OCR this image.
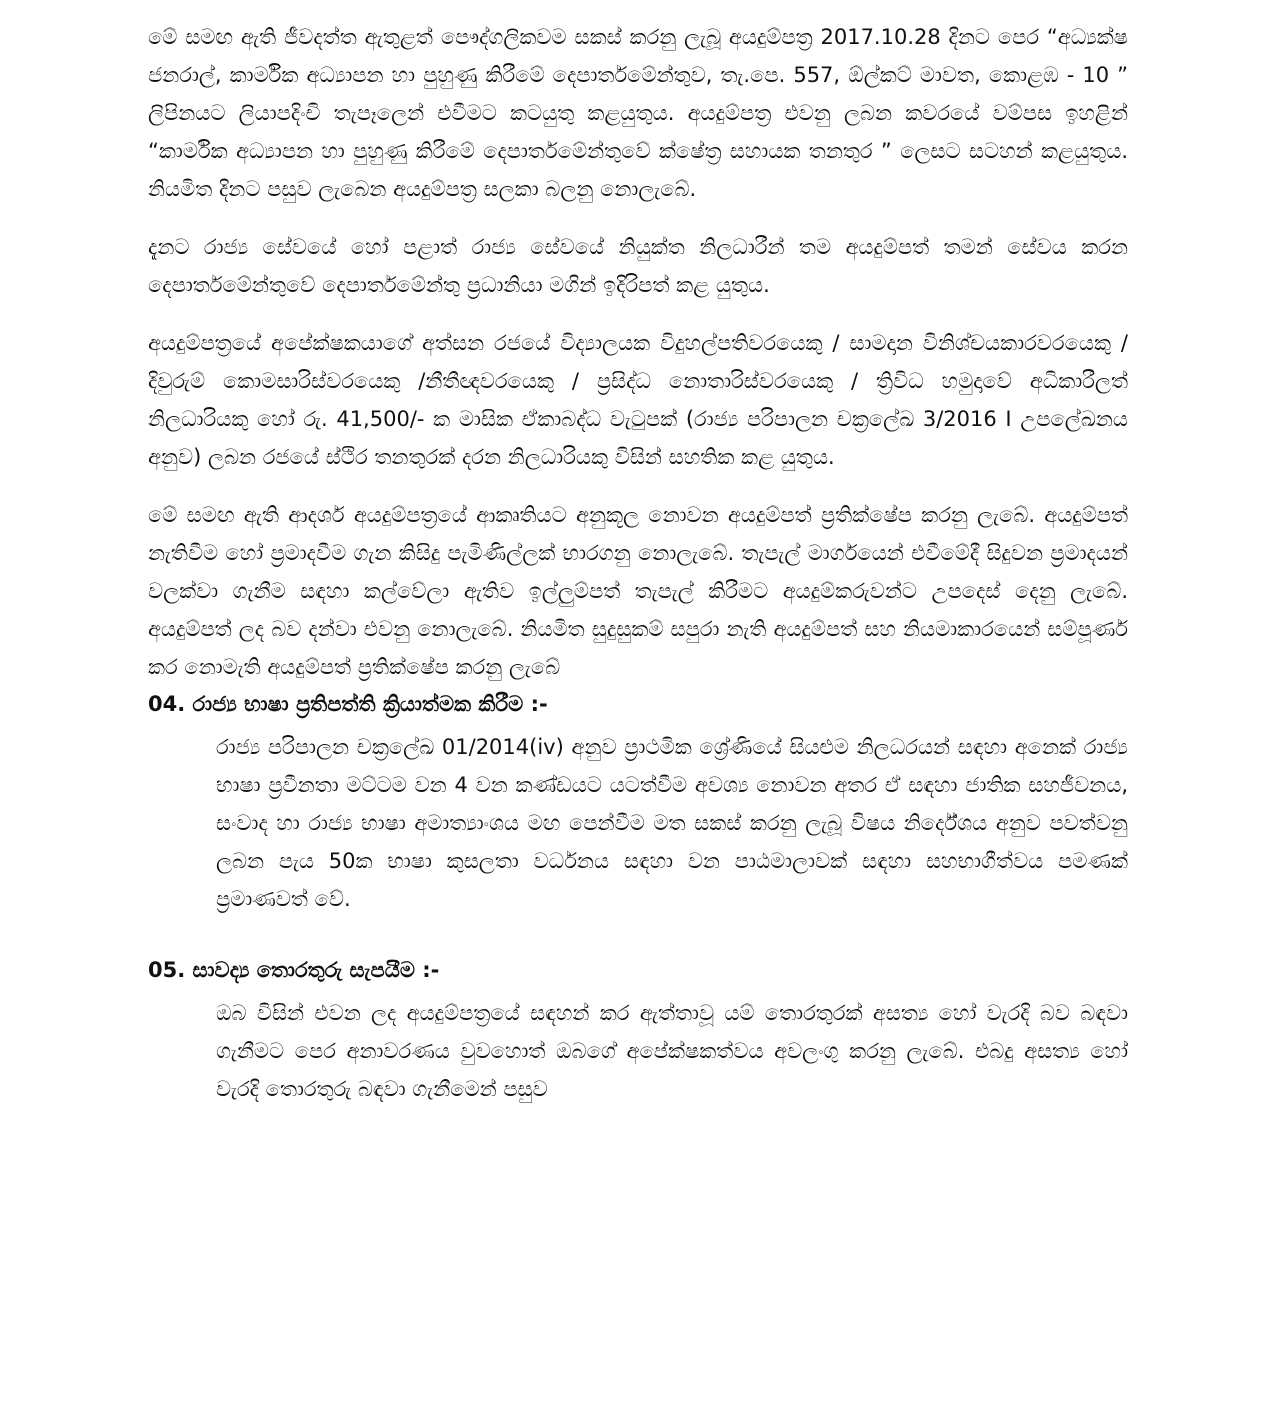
මේ සමඟ ඇති ජීවදත්ත ඇතුළත් පෞද්ගලිකවම සකස් කරනු ලැබූ අයදුම්පත්‍ර 2017.10.28 දිනට පෙර “අධ්‍යක්ෂ ජනරාල්, කාර්මික අධ්‍යාපන හා පුහුණු කිරීමේ දෙපාර්තමේන්තුව, තැ.පෙ. 557, ඕල්කට් මාවත, කොළඹ - 10 ” ලිපිනයට ලියාපදිංචි තැපෑලෙන් එවීමට කටයුතු කළයුතුය. අයදුම්පත්‍ර එවනු ලබන කවරයේ වම්පස ඉහළින් “කාර්මික අධ්‍යාපන හා පුහුණු කිරීමේ දෙපාර්තමේන්තුවේ ක්ෂේත්‍ර සහායක තනතුර ” ලෙසට සටහන් කළයුතුය. නියමිත දිනට පසුව ලැබෙන අයදුම්පත්‍ර සලකා බලනු නොලැබේ.

දැනට රාජ්‍ය සේවයේ හෝ පළාත් රාජ්‍ය සේවයේ නියුක්ත නිලධාරීන් තම අයදුම්පත් තමන් සේවය කරන දෙපාර්තමේන්තුවේ දෙපාර්තමේන්තු ප්‍රධානියා මගින් ඉදිරිපත් කළ යුතුය.

අයදුම්පත්‍රයේ අපේක්ෂකයාගේ අත්සන රජයේ විද්‍යාලයක විදුහල්පතිවරයෙකු / සාමදාන විනිශ්චයකාරවරයෙකු / දිවුරුම් කොමසාරිස්වරයෙකු /නීතීඥවරයෙකු / ප්‍රසිද්ධ නොතාරිස්වරයෙකු / ත්‍රිවිධ හමුදාවේ අධිකාරීලත් නිලධාරියකු හෝ රු. 41,500/- ක මාසික ඒකාබද්ධ වැටුපක් (රාජ්‍ය පරිපාලන චක්‍රලේඛ 3/2016 I උපලේඛනය අනුව) ලබන රජයේ ස්ථිර තනතුරක් දරන නිලධාරියකු විසින් සහතික කළ යුතුය.

මේ සමඟ ඇති ආදර්ශ අයදුම්පත්‍රයේ ආකෘතියට අනුකූල නොවන අයදුම්පත් ප්‍රතික්ෂේප කරනු ලැබේ. අයදුම්පත් නැතිවීම හෝ ප්‍රමාදවීම ගැන කිසිදු පැමිණිල්ලක් භාරගනු නොලැබේ. තැපැල් මාර්ගයෙන් එවීමේදී සිදුවන ප්‍රමාදයන් වලක්වා ගැනීම සඳහා කල්වේලා ඇතිව ඉල්ලුම්පත් තැපැල් කිරීමට අයදුම්කරුවන්ට උපදෙස් දෙනු ලැබේ. අයදුම්පත් ලද බව දන්වා එවනු නොලැබේ. නියමිත සුදුසුකම් සපුරා නැති අයදුම්පත් සහ නියමාකාරයෙන් සම්පූර්ණ කර නොමැති අයදුම්පත් ප්‍රතික්ෂේප කරනු ලැබේ

04. රාජ්‍ය භාෂා ප්‍රතිපත්ති ක්‍රියාත්මක කිරීම :-

රාජ්‍ය පරිපාලන චක්‍රලේඛ 01/2014(iv) අනුව ප්‍රාථමික ශ්‍රේණියේ සියළුම නිලධරයන් සඳහා අනෙක් රාජ්‍ය භාෂා ප්‍රවීනතා මට්ටම වන 4 වන කණ්ඩයට යටත්වීම අවශ්‍ය නොවන අතර ඒ සඳහා ජාතික සහජීවනය, සංවාද හා රාජ්‍ය භාෂා අමාත්‍යාංශය මඟ පෙන්වීම මත සකස් කරනු ලැබූ විෂය නිර්දේශය අනුව පවත්වනු ලබන පැය 50ක භාෂා කුසලතා වර්ධනය සඳහා වන පාඨමාලාවක් සඳහා සහභාගීත්වය පමණක් ප්‍රමාණවත් වේ.

05. සාවද්‍ය තොරතුරු සැපයීම :-

ඔබ විසින් එවන ලද අයදුම්පත්‍රයේ සඳහන් කර ඇත්තාවූ යම් තොරතුරක් අසත්‍ය හෝ වැරදි බව බඳවා ගැනීමට පෙර අනාවරණය වුවහොත් ඔබගේ අපේක්ෂකත්වය අවලංගු කරනු ලැබේ. එබදු අසත්‍ය හෝ වැරදි තොරතුරු බඳවා ගැනීමෙන් පසුව
